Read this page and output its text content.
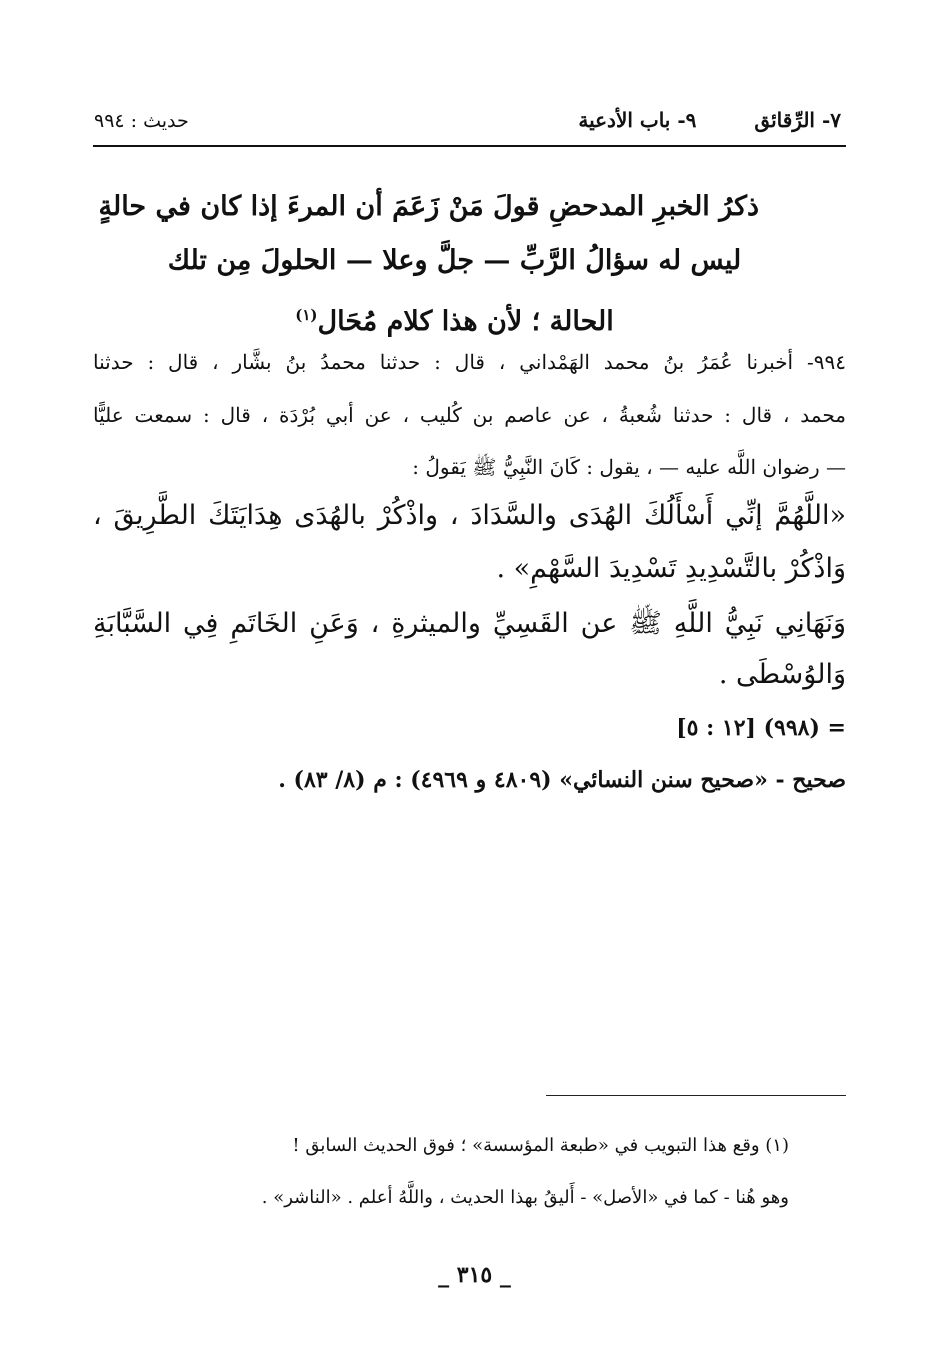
٧- الرِّقائق٩- باب الأدعية
حديث : ٩٩٤
ذكرُ الخبرِ المدحضِ قولَ مَنْ زَعَمَ أن المرءَ إذا كان في حالةٍ
ليس له سؤالُ الرَّبِّ — جلَّ وعلا — الحلولَ مِن تلك
الحالة ؛ لأن هذا كلام مُحَال$^{(١)}$
٩٩٤- أخبرنا عُمَرُ بنُ محمد الهَمْداني ، قال : حدثنا محمدُ بنُ بشَّار ، قال : حدثنا
محمد ، قال : حدثنا شُعبةُ ، عن عاصم بن كُليب ، عن أبي بُرْدَة ، قال : سمعت عليًّا
— رضوان اللَّه عليه — ، يقول : كَانَ النَّبِيُّ ﷺ يَقولُ :
«اللَّهُمَّ إنِّي أَسْأَلُكَ الهُدَى والسَّدَادَ ، واذْكُرْ بالهُدَى هِدَايَتَكَ الطَّرِيقَ ،
وَاذْكُرْ بالتَّسْدِيدِ تَسْدِيدَ السَّهْمِ» .
وَنَهَانِي نَبِيُّ اللَّهِ ﷺ عن القَسِيِّ والميثرةِ ، وَعَنِ الخَاتَمِ فِي السَّبَّابَةِ
وَالوُسْطَى .
= (٩٩٨) [١٢ : ٥]
صحيح - «صحيح سنن النسائي» (٤٨٠٩ و ٤٩٦٩) : م (٨/ ٨٣) .
(١) وقع هذا التبويب في «طبعة المؤسسة» ؛ فوق الحديث السابق !
وهو هُنا - كما في «الأصل» - أَليقُ بهذا الحديث ، واللَّهُ أعلم . «الناشر» .
_ ٣١٥ _
